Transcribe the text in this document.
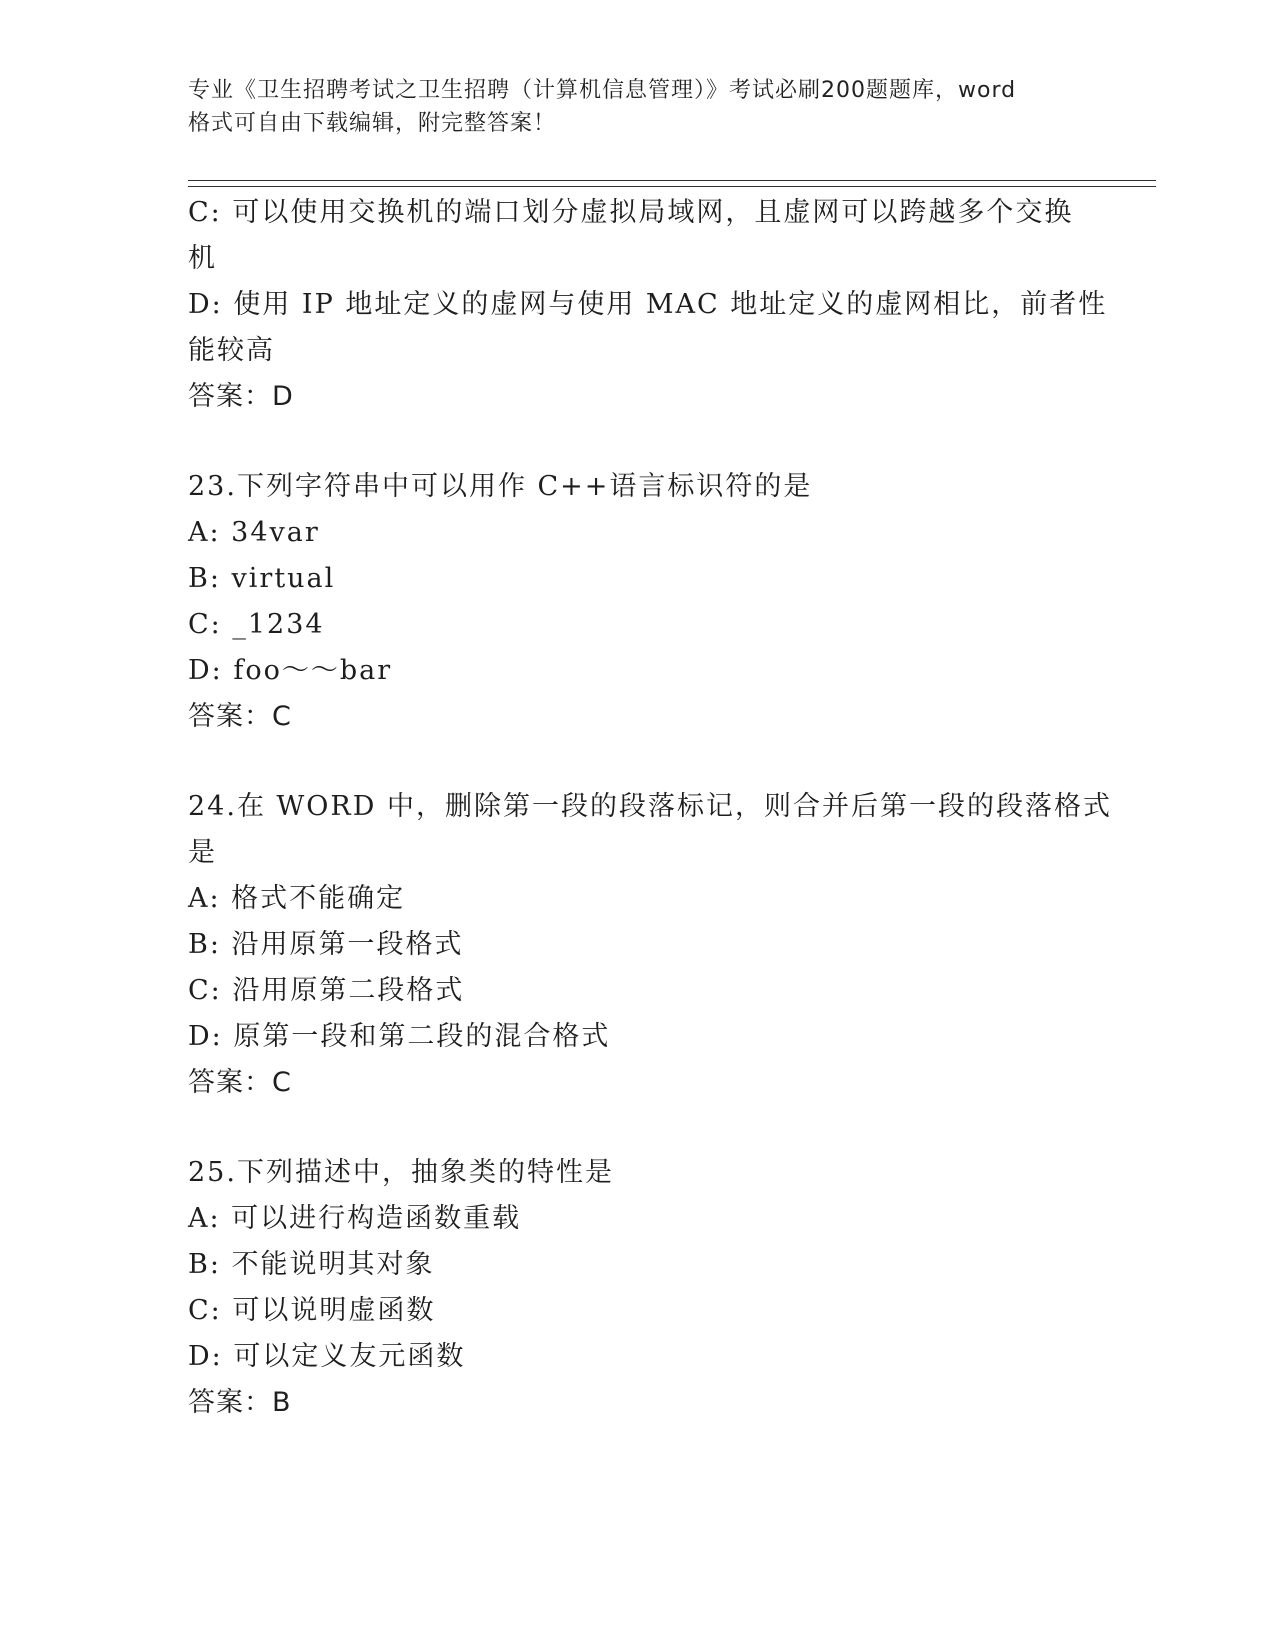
专业《卫生招聘考试之卫生招聘（计算机信息管理）》考试必刷200题题库，word
格式可自由下载编辑，附完整答案！

C: 可以使用交换机的端口划分虚拟局域网，且虚网可以跨越多个交换

机

D: 使用 IP 地址定义的虚网与使用 MAC 地址定义的虚网相比，前者性

能较高

答案：D

23.下列字符串中可以用作 C++语言标识符的是

A: 34var

B: virtual

C: _1234

D: foo～～bar

答案：C

24.在 WORD 中，删除第一段的段落标记，则合并后第一段的段落格式

是

A: 格式不能确定

B: 沿用原第一段格式

C: 沿用原第二段格式

D: 原第一段和第二段的混合格式

答案：C

25.下列描述中，抽象类的特性是

A: 可以进行构造函数重载

B: 不能说明其对象

C: 可以说明虚函数

D: 可以定义友元函数

答案：B
